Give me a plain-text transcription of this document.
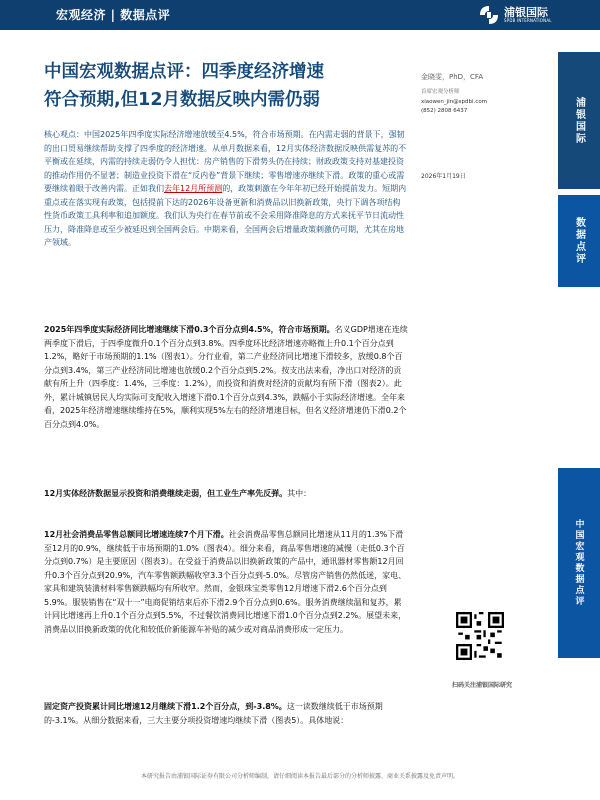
宏观经济 | 数据点评	浦银国际
SPDB INTERNATIONAL
中国宏观数据点评：四季度经济增速
符合预期,但12月数据反映内需仍弱
金晓雯，PhD，CFA
首席宏观分析师
xiaowen_jin@spdbi.com
(852) 2808 6437
2026年1月19日
浦银国际
数据点评
中国宏观数据点评
核心观点：中国2025年四季度实际经济增速放缓至4.5%，符合市场预期。在内需走弱的背景下，强韧的出口贸易继续帮助支撑了四季度的经济增速。从单月数据来看，12月实体经济数据反映供需复苏的不平衡或在延续，内需的持续走弱仍令人担忧：房产销售的下滑势头仍在持续；财政政策支持对基建投资的推动作用仍不显著；制造业投资下滑在“反内卷”背景下继续；零售增速亦继续下滑。政策的重心或需要继续着眼于改善内需。正如我们去年12月所预测的，政策刺激在今年年初已经开始提前发力。短期内重点或在落实现有政策，包括提前下达的2026年设备更新和消费品以旧换新政策，央行下调各项结构性货币政策工具利率和追加额度。我们认为央行在春节前或不会采用降准降息的方式来抚平节日流动性压力，降准降息或至少被延迟到全国两会后。中期来看，全国两会后增量政策刺激仍可期，尤其在房地产领域。
2025年四季度实际经济同比增速继续下滑0.3个百分点到4.5%，符合市场预期。名义GDP增速在连续两季度下滑后，于四季度微升0.1个百分点到3.8%。四季度环比经济增速亦略微上升0.1个百分点到1.2%，略好于市场预期的1.1%（图表1）。分行业看，第二产业经济同比增速下滑较多，放缓0.8个百分点到3.4%，第三产业经济同比增速也放缓0.2个百分点到5.2%。按支出法来看，净出口对经济的贡献有所上升（四季度：1.4%，三季度：1.2%），而投资和消费对经济的贡献均有所下滑（图表2）。此外，累计城镇居民人均实际可支配收入增速下滑0.1个百分点到4.3%，跌幅小于实际经济增速。全年来看，2025年经济增速继续维持在5%，顺利实现5%左右的经济增速目标，但名义经济增速仍下滑0.2个百分点到4.0%。
12月实体经济数据显示投资和消费继续走弱，但工业生产率先反弹。其中：
12月社会消费品零售总额同比增速连续7个月下滑。社会消费品零售总额同比增速从11月的1.3%下滑至12月的0.9%，继续低于市场预期的1.0%（图表4）。细分来看，商品零售增速的减慢（走低0.3个百分点到0.7%）是主要原因（图表3）。在受益于消费品以旧换新政策的产品中，通讯器材零售额12月回升0.3个百分点到20.9%，汽车零售额跌幅收窄3.3个百分点到-5.0%。尽管房产销售仍然低迷，家电、家具和建筑装潢材料零售额跌幅均有所收窄。然而，金银珠宝类零售12月增速下滑2.6个百分点到5.9%。服装销售在“双十一”电商促销结束后亦下滑2.9个百分点到0.6%。服务消费继续温和复苏，累计同比增速再上升0.1个百分点到5.5%，不过餐饮消费同比增速下滑1.0个百分点到2.2%。展望未来，消费品以旧换新政策的优化和较低价新能源车补贴的减少或对商品消费形成一定压力。
固定资产投资累计同比增速12月继续下滑1.2个百分点，到-3.8%。这一读数继续低于市场预期的-3.1%。从细分数据来看，三大主要分项投资增速均继续下滑（图表5）。具体地说：
扫码关注浦银国际研究
本研究报告由浦银国际证券有限公司分析师编制，请仔细阅读本报告最后部分的分析师披露、商业关系披露及免责声明。
